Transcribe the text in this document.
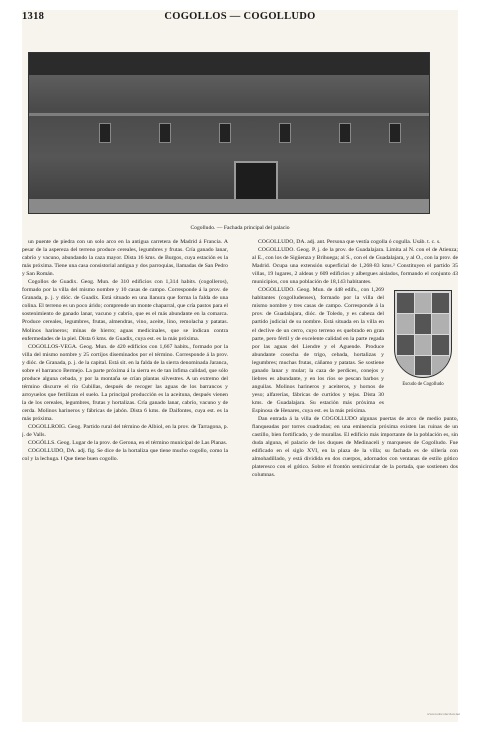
1318	COGOLLOS — COGOLLUDO
Cogolludo. — Fachada principal del palacio

un puente de piedra con un solo arco en la antigua carretera de Madrid á Francia. A pesar de la aspereza del terreno produce cereales, legumbres y frutas. Cría ganado lanar, cabrío y vacuno, abundando la caza mayor. Dista 16 kms. de Burgos, cuya estación es la más próxima. Tiene una casa consistorial antigua y dos parroquias, llamadas de San Pedro y San Román.

Cogollos de Guadix. Geog. Mun. de 310 edificios con 1,314 habits. (cogolleros), formado por la villa del mismo nombre y 10 casas de campo. Corresponde á la prov. de Granada, p. j. y dióc. de Guadix. Está situado en una llanura que forma la falda de una colina. El terreno es un poco árido; comprende un monte chaparral, que cría pastos para el sostenimiento de ganado lanar, vacuno y cabrío, que es el más abundante en la comarca. Produce cereales, legumbres, frutas, almendras, vino, aceite, lino, remolacha y patatas. Molinos harineros; minas de hierro; aguas medicinales, que se indican contra enfermedades de la piel. Dista 6 kms. de Guadix, cuya est. es la más próxima.

COGOLLOS-VEGA. Geog. Mun. de 420 edificios con 1,667 habits., formado por la villa del mismo nombre y 25 cortijos diseminados por el término. Corresponde á la prov. y dióc. de Granada, p. j. de la capital. Está sit. en la falda de la sierra denominada Jaranca, sobre el barranco Bermejo. La parte próxima á la sierra es de tan ínfima calidad, que sólo produce alguna cebada, y por la montaña se crían plantas silvestres. A un extremo del término discurre el río Cubillas, después de recoger las aguas de los barrancos y arroyuelos que fertilizan el suelo. La principal producción es la aceituna, después vienen la de los cereales, legumbres, frutas y hortalizas. Cría ganado lanar, cabrío, vacuno y de cerda. Molinos harineros y fábricas de jabón. Dista 6 kms. de Daifontes, cuya est. es la más próxima.

COGOLLROIG. Geog. Partido rural del término de Albiol, en la prov. de Tarragona, p. j. de Valls.

COGÓLLS. Geog. Lugar de la prov. de Gerona, en el término municipal de Las Planas.

COGOLLUDO, DA. adj. fig. Se dice de la hortaliza que tiene mucho cogollo, como la col y la lechuga. ‖ Que tiene buen cogollo.

COGOLLUDO, DA. adj. ant. Persona que vestía cogolla ó cogulla. Usáb. t. c. s.

COGOLLUDO. Geog. P. j. de la prov. de Guadalajara. Limita al N. con el de Atienza; al E., con los de Sigüenza y Brihuega; al S., con el de Guadalajara, y al O., con la prov. de Madrid. Ocupa una extensión superficial de 1,268·83 kms.² Constituyen el partido 35 villas, 19 lugares, 2 aldeas y 609 edificios y albergues aislados, formando el conjunto 43 municipios, con una población de 18,143 habitantes.

Escudo de Cogolludo

COGOLLUDO. Geog. Mun. de 448 edifs., con 1,269 habitantes (cogolludenses), formado por la villa del mismo nombre y tres casas de campo. Corresponde á la prov. de Guadalajara, dióc. de Toledo, y es cabeza del partido judicial de su nombre. Está situada en la villa en el declive de un cerro, cuyo terreno es quebrado en gran parte, pero fértil y de excelente calidad en la parte regada por las aguas del Liendre y el Aguende. Produce abundante cosecha de trigo, cebada, hortalizas y legumbres; muchas frutas, cáñamo y patatas. Se sostiene ganado lanar y mular; la caza de perdices, conejos y liebres es abundante, y en los ríos se pescan barbos y anguilas. Molinos harineros y aceiteros, y hornos de yeso; alfarerías, fábricas de curtidos y tejas. Dista 30 kms. de Guadalajara. Su estación más próxima es Espinosa de Henares, cuya est. es la más próxima.

Dan entrada á la villa de COGOLLUDO algunas puertas de arco de medio punto, flanqueadas por torres cuadradas; en una eminencia próxima existen las ruinas de un castillo, bien fortificado, y de murallas. El edificio más importante de la población es, sin duda alguna, el palacio de los duques de Medinaceli y marqueses de Cogolludo. Fue edificado en el siglo XVI, en la plaza de la villa; su fachada es de sillería con almohadillado, y está dividida en dos cuerpos, adornados con ventanas de estilo gótico plateresco con el gótico. Sobre el frontón semicircular de la portada, que sostienen dos columnas.

www.todocoleccion.net
